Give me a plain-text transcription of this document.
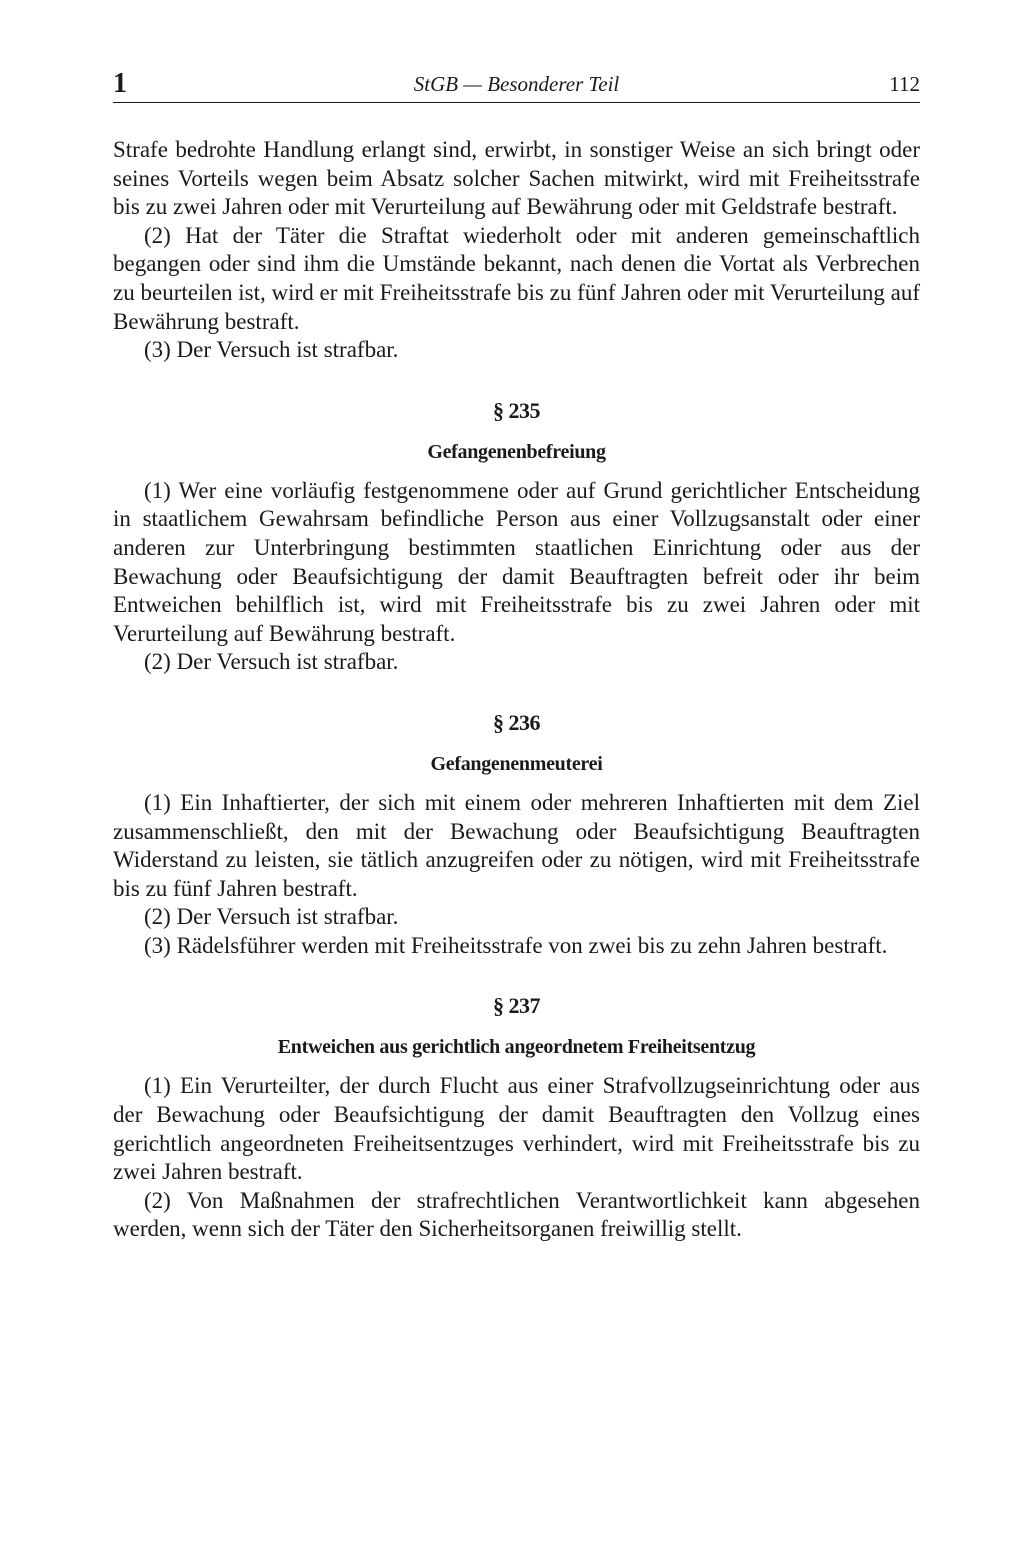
1	StGB — Besonderer Teil	112

Strafe bedrohte Handlung erlangt sind, erwirbt, in sonstiger Weise an sich bringt oder seines Vorteils wegen beim Absatz solcher Sachen mitwirkt, wird mit Freiheitsstrafe bis zu zwei Jahren oder mit Verurteilung auf Bewährung oder mit Geldstrafe bestraft.

(2) Hat der Täter die Straftat wiederholt oder mit anderen gemeinschaftlich begangen oder sind ihm die Umstände bekannt, nach denen die Vortat als Verbrechen zu beurteilen ist, wird er mit Freiheitsstrafe bis zu fünf Jahren oder mit Verurteilung auf Bewährung bestraft.

(3) Der Versuch ist strafbar.

§ 235

Gefangenenbefreiung

(1) Wer eine vorläufig festgenommene oder auf Grund gerichtlicher Entscheidung in staatlichem Gewahrsam befindliche Person aus einer Vollzugsanstalt oder einer anderen zur Unterbringung bestimmten staatlichen Einrichtung oder aus der Bewachung oder Beaufsichtigung der damit Beauftragten befreit oder ihr beim Entweichen behilflich ist, wird mit Freiheitsstrafe bis zu zwei Jahren oder mit Verurteilung auf Bewährung bestraft.

(2) Der Versuch ist strafbar.

§ 236

Gefangenenmeuterei

(1) Ein Inhaftierter, der sich mit einem oder mehreren Inhaftierten mit dem Ziel zusammenschließt, den mit der Bewachung oder Beaufsichtigung Beauftragten Widerstand zu leisten, sie tätlich anzugreifen oder zu nötigen, wird mit Freiheitsstrafe bis zu fünf Jahren bestraft.

(2) Der Versuch ist strafbar.

(3) Rädelsführer werden mit Freiheitsstrafe von zwei bis zu zehn Jahren bestraft.

§ 237

Entweichen aus gerichtlich angeordnetem Freiheitsentzug

(1) Ein Verurteilter, der durch Flucht aus einer Strafvollzugseinrichtung oder aus der Bewachung oder Beaufsichtigung der damit Beauftragten den Vollzug eines gerichtlich angeordneten Freiheitsentzuges verhindert, wird mit Freiheitsstrafe bis zu zwei Jahren bestraft.

(2) Von Maßnahmen der strafrechtlichen Verantwortlichkeit kann abgesehen werden, wenn sich der Täter den Sicherheitsorganen freiwillig stellt.
